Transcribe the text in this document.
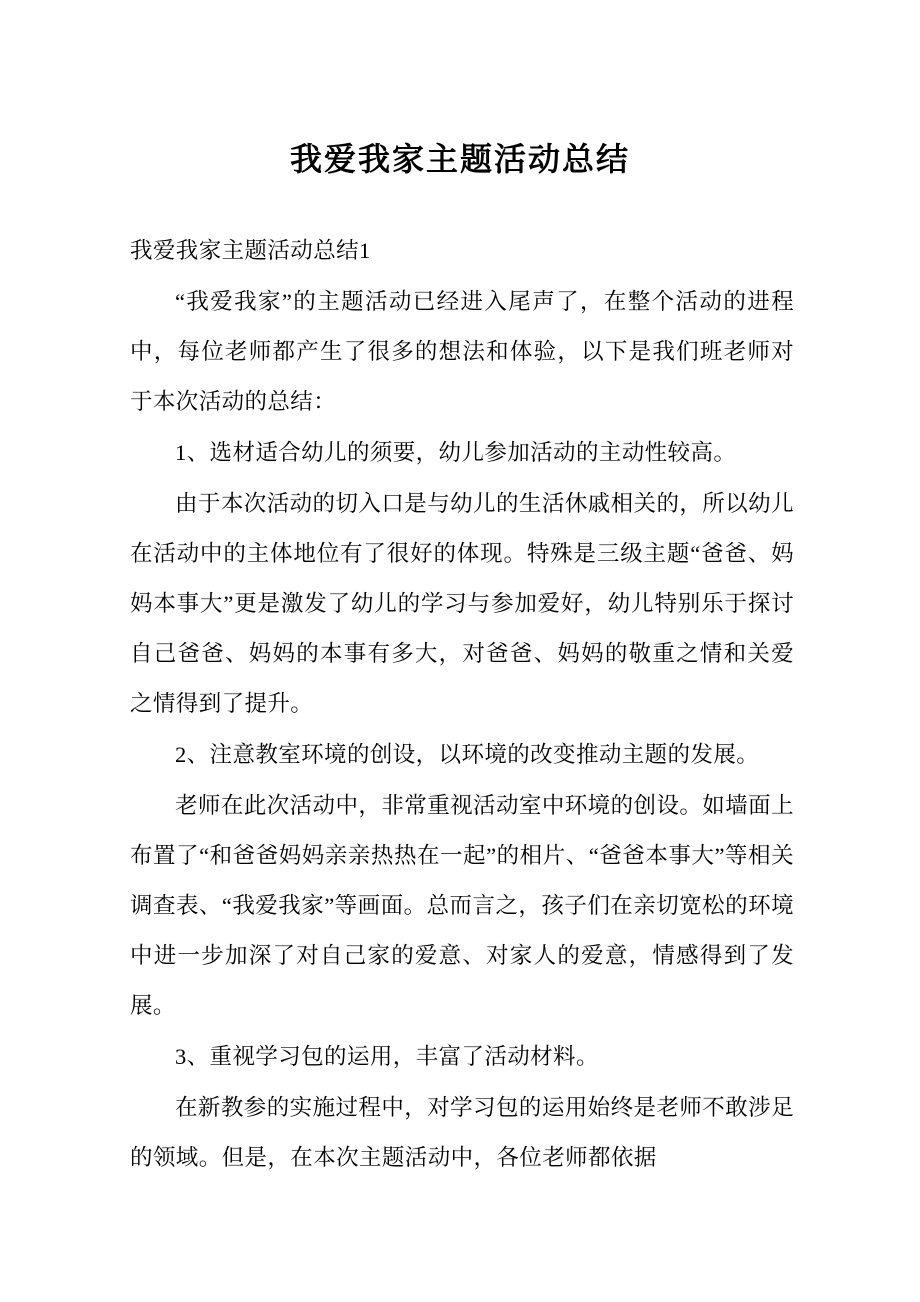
我爱我家主题活动总结

我爱我家主题活动总结1

“我爱我家”的主题活动已经进入尾声了，在整个活动的进程中，每位老师都产生了很多的想法和体验，以下是我们班老师对于本次活动的总结：

1、选材适合幼儿的须要，幼儿参加活动的主动性较高。

由于本次活动的切入口是与幼儿的生活休戚相关的，所以幼儿在活动中的主体地位有了很好的体现。特殊是三级主题“爸爸、妈妈本事大”更是激发了幼儿的学习与参加爱好，幼儿特别乐于探讨自己爸爸、妈妈的本事有多大，对爸爸、妈妈的敬重之情和关爱之情得到了提升。

2、注意教室环境的创设，以环境的改变推动主题的发展。

老师在此次活动中，非常重视活动室中环境的创设。如墙面上布置了“和爸爸妈妈亲亲热热在一起”的相片、“爸爸本事大”等相关调查表、“我爱我家”等画面。总而言之，孩子们在亲切宽松的环境中进一步加深了对自己家的爱意、对家人的爱意，情感得到了发展。

3、重视学习包的运用，丰富了活动材料。

在新教参的实施过程中，对学习包的运用始终是老师不敢涉足的领域。但是，在本次主题活动中，各位老师都依据
